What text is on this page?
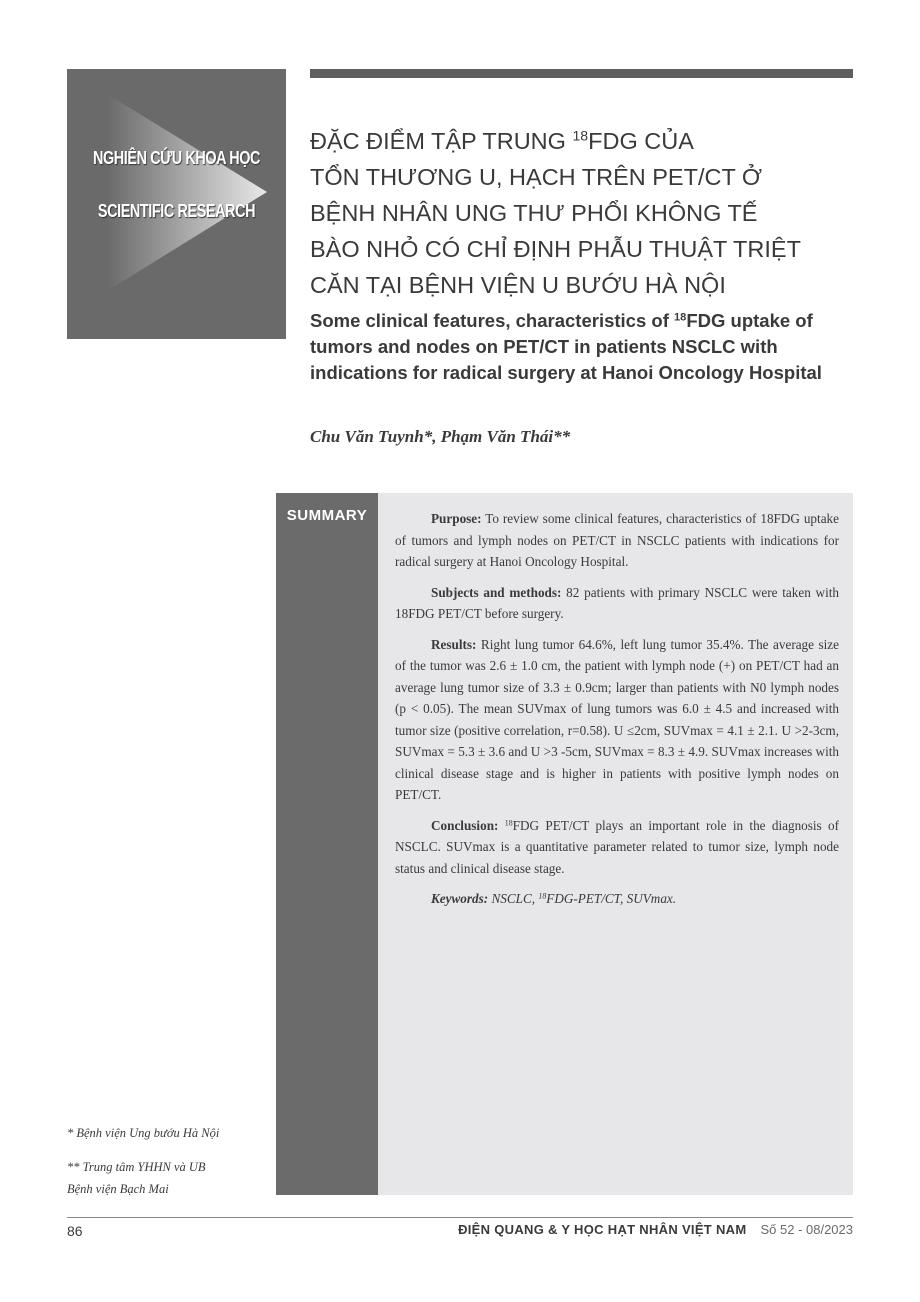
NGHIÊN CỨU KHOA HỌC
SCIENTIFIC RESEARCH
ĐẶC ĐIỂM TẬP TRUNG $^{18}$FDG CỦA
TỔN THƯƠNG U, HẠCH TRÊN PET/CT Ở
BỆNH NHÂN UNG THƯ PHỔI KHÔNG TẾ
BÀO NHỎ CÓ CHỈ ĐỊNH PHẪU THUẬT TRIỆT
CĂN TẠI BỆNH VIỆN U BƯỚU HÀ NỘI
Some clinical features, characteristics of $^{18}$FDG uptake of tumors and nodes on PET/CT in patients NSCLC with indications for radical surgery at Hanoi Oncology Hospital
Chu Văn Tuynh*, Phạm Văn Thái**
SUMMARY	Purpose: To review some clinical features, characteristics of 18FDG uptake of tumors and lymph nodes on PET/CT in NSCLC patients with indications for radical surgery at Hanoi Oncology Hospital.

Subjects and methods: 82 patients with primary NSCLC were taken with 18FDG PET/CT before surgery.

Results: Right lung tumor 64.6%, left lung tumor 35.4%. The average size of the tumor was 2.6 ± 1.0 cm, the patient with lymph node (+) on PET/CT had an average lung tumor size of 3.3 ± 0.9cm; larger than patients with N0 lymph nodes (p < 0.05). The mean SUVmax of lung tumors was 6.0 ± 4.5 and increased with tumor size (positive correlation, r=0.58). U ≤2cm, SUVmax = 4.1 ± 2.1. U >2-3cm, SUVmax = 5.3 ± 3.6 and U >3 -5cm, SUVmax = 8.3 ± 4.9. SUVmax increases with clinical disease stage and is higher in patients with positive lymph nodes on PET/CT.

Conclusion: $^{18}$FDG PET/CT plays an important role in the diagnosis of NSCLC. SUVmax is a quantitative parameter related to tumor size, lymph node status and clinical disease stage.

Keywords: NSCLC, $^{18}$FDG-PET/CT, SUVmax.

* Bệnh viện Ung bướu Hà Nội
** Trung tâm YHHN và UB
Bệnh viện Bạch Mai
86	ĐIỆN QUANG & Y HỌC HẠT NHÂN VIỆT NAM Số 52 - 08/2023
